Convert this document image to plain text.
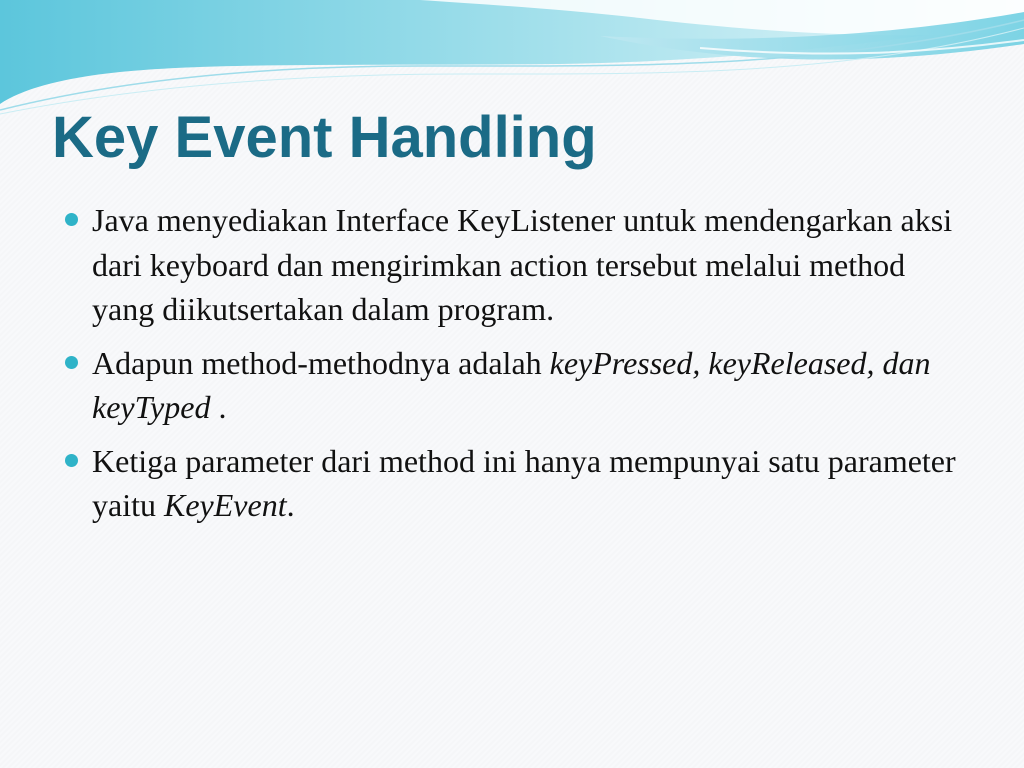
Key Event Handling
Java menyediakan Interface KeyListener untuk mendengarkan aksi dari keyboard dan mengirimkan action tersebut melalui method yang diikutsertakan dalam program.
Adapun method-methodnya adalah keyPressed, keyReleased, dan keyTyped .
Ketiga parameter dari method ini hanya mempunyai satu parameter yaitu KeyEvent.
